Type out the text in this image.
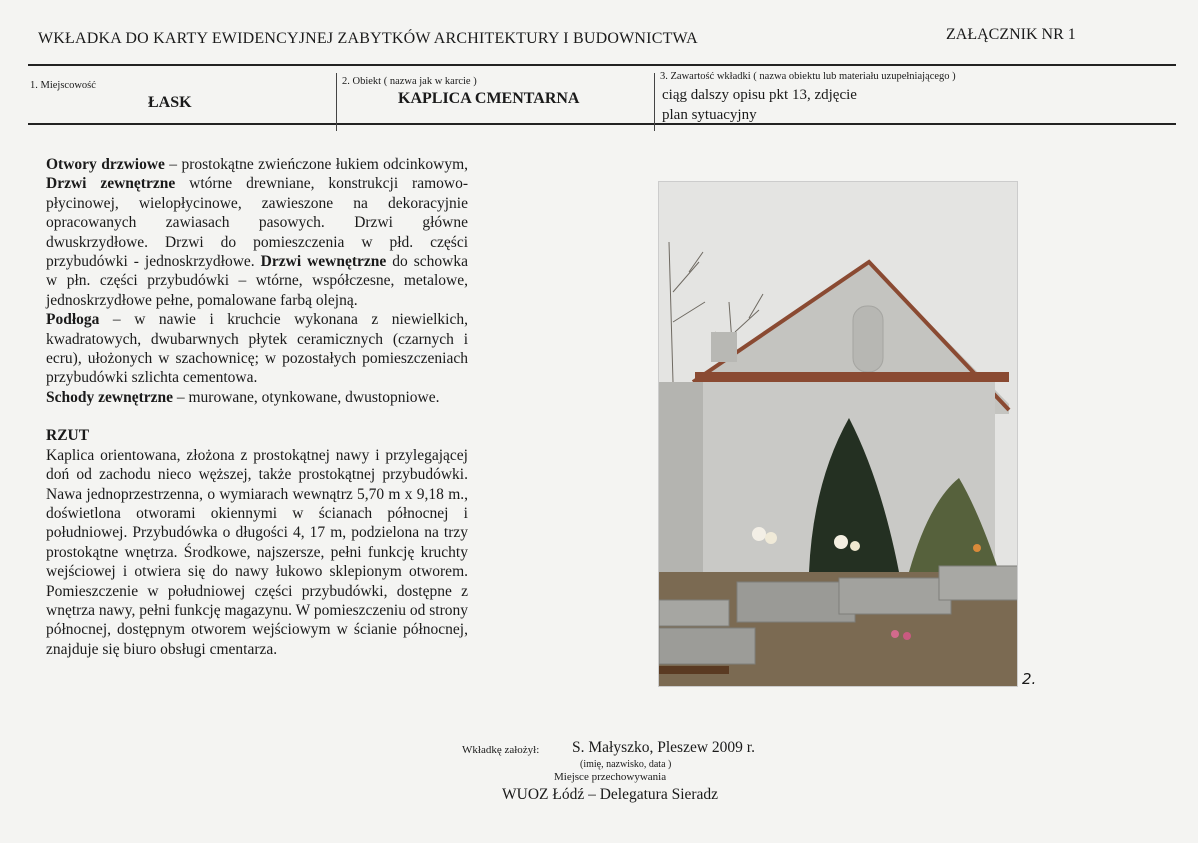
WKŁADKA DO KARTY EWIDENCYJNEJ ZABYTKÓW ARCHITEKTURY I BUDOWNICTWA	ZAŁĄCZNIK NR 1
1. Miejscowość
ŁASK
2. Obiekt ( nazwa jak w karcie )
KAPLICA CMENTARNA
3. Zawartość wkładki ( nazwa obiektu lub materiału uzupełniającego )
ciąg dalszy opisu pkt 13, zdjęcie
plan sytuacyjny

Otwory drzwiowe – prostokątne zwieńczone łukiem odcinkowym, Drzwi zewnętrzne wtórne drewniane, konstrukcji ramowo-płycinowej, wielopłycinowe, zawieszone na dekoracyjnie opracowanych zawiasach pasowych. Drzwi główne dwuskrzydłowe. Drzwi do pomieszczenia w płd. części przybudówki - jednoskrzydłowe. Drzwi wewnętrzne do schowka w płn. części przybudówki – wtórne, współczesne, metalowe, jednoskrzydłowe pełne, pomalowane farbą olejną.

Podłoga – w nawie i kruchcie wykonana z niewielkich, kwadratowych, dwubarwnych płytek ceramicznych (czarnych i ecru), ułożonych w szachownicę; w pozostałych pomieszczeniach przybudówki szlichta cementowa.

Schody zewnętrzne – murowane, otynkowane, dwustopniowe.

RZUT

Kaplica orientowana, złożona z prostokątnej nawy i przylegającej doń od zachodu nieco węższej, także prostokątnej przybudówki. Nawa jednoprzestrzenna, o wymiarach wewnątrz 5,70 m x 9,18 m., doświetlona otworami okiennymi w ścianach północnej i południowej. Przybudówka o długości 4, 17 m, podzielona na trzy prostokątne wnętrza. Środkowe, najszersze, pełni funkcję kruchty wejściowej i otwiera się do nawy łukowo sklepionym otworem. Pomieszczenie w południowej części przybudówki, dostępne z wnętrza nawy, pełni funkcję magazynu. W pomieszczeniu od strony północnej, dostępnym otworem wejściowym w ścianie północnej, znajduje się biuro obsługi cmentarza.

2.
Wkładkę założył: S. Małyszko, Pleszew 2009 r.
(imię, nazwisko, data )
Miejsce przechowywania
WUOZ Łódź – Delegatura Sieradz
